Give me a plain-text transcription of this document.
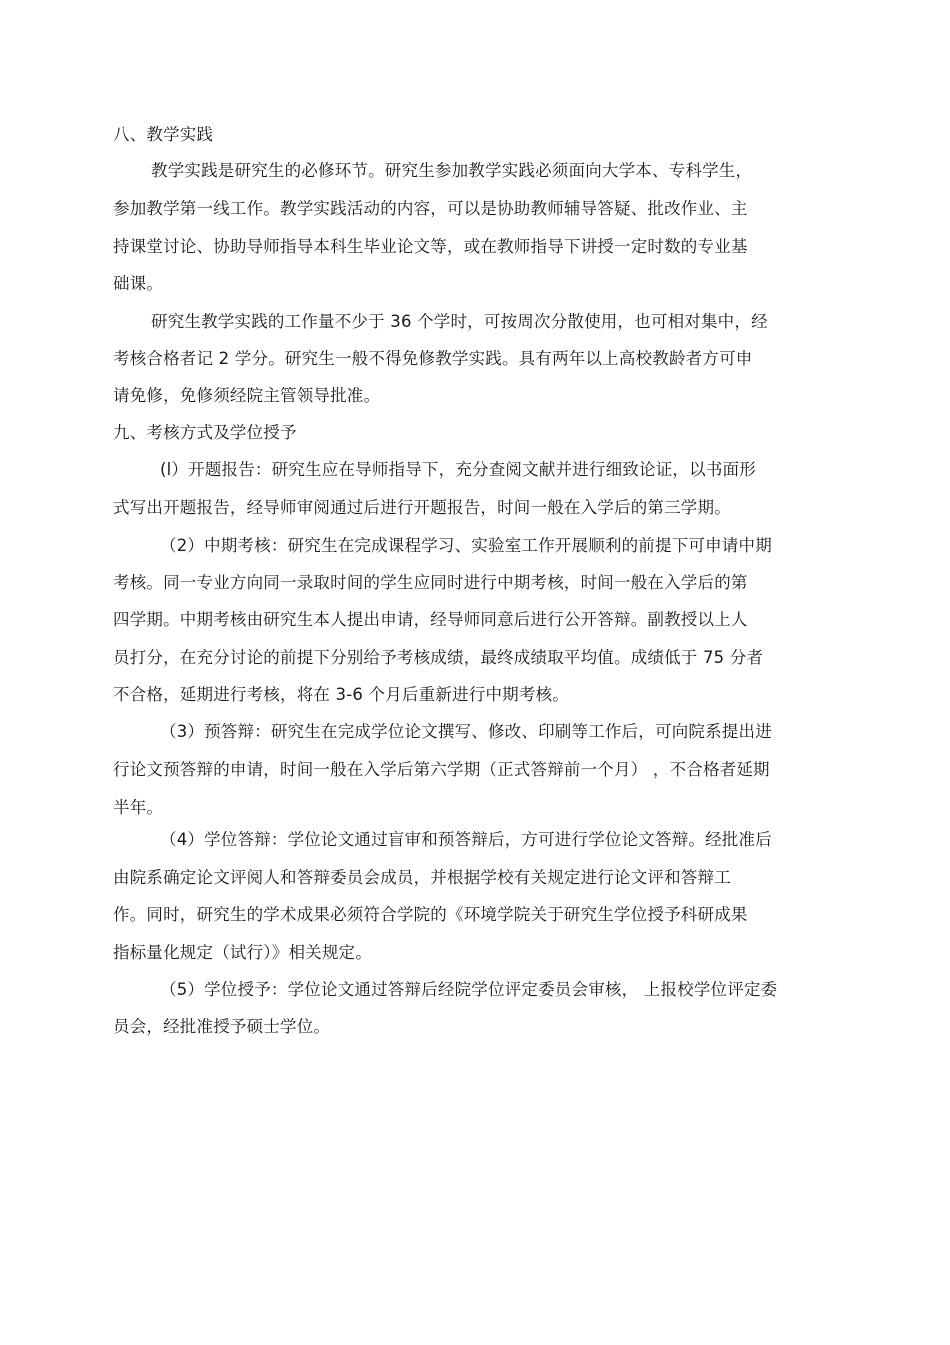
八、教学实践

教学实践是研究生的必修环节。研究生参加教学实践必须面向大学本、专科学生，

参加教学第一线工作。教学实践活动的内容，可以是协助教师辅导答疑、批改作业、主

持课堂讨论、协助导师指导本科生毕业论文等，或在教师指导下讲授一定时数的专业基

础课。

研究生教学实践的工作量不少于 36 个学时，可按周次分散使用，也可相对集中，经

考核合格者记 2 学分。研究生一般不得免修教学实践。具有两年以上高校教龄者方可申

请免修，免修须经院主管领导批准。

九、考核方式及学位授予

(l）开题报告：研究生应在导师指导下，充分查阅文献并进行细致论证，以书面形

式写出开题报告，经导师审阅通过后进行开题报告，时间一般在入学后的第三学期。

（2）中期考核：研究生在完成课程学习、实验室工作开展顺利的前提下可申请中期

考核。同一专业方向同一录取时间的学生应同时进行中期考核，时间一般在入学后的第

四学期。中期考核由研究生本人提出申请，经导师同意后进行公开答辩。副教授以上人

员打分，在充分讨论的前提下分别给予考核成绩，最终成绩取平均值。成绩低于 75 分者

不合格，延期进行考核，将在 3-6 个月后重新进行中期考核。

（3）预答辩：研究生在完成学位论文撰写、修改、印刷等工作后，可向院系提出进

行论文预答辩的申请，时间一般在入学后第六学期（正式答辩前一个月） ，不合格者延期

半年。

（4）学位答辩：学位论文通过盲审和预答辩后，方可进行学位论文答辩。经批准后

由院系确定论文评阅人和答辩委员会成员，并根据学校有关规定进行论文评和答辩工

作。同时，研究生的学术成果必须符合学院的《环境学院关于研究生学位授予科研成果

指标量化规定（试行）》相关规定。

（5）学位授予：学位论文通过答辩后经院学位评定委员会审核， 上报校学位评定委

员会，经批准授予硕士学位。
